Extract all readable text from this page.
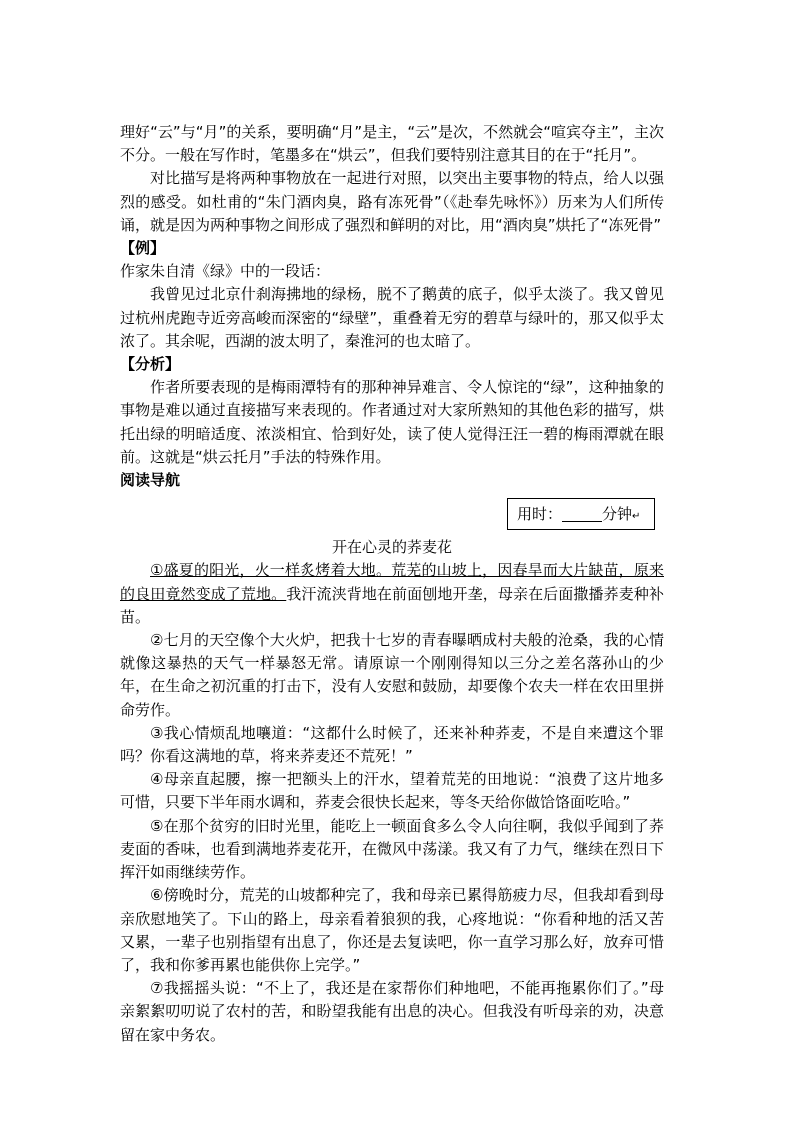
理好“云”与“月”的关系，要明确“月”是主，“云”是次，不然就会“喧宾夺主”，主次不分。一般在写作时，笔墨多在“烘云”，但我们要特别注意其目的在于“托月”。

对比描写是将两种事物放在一起进行对照，以突出主要事物的特点，给人以强烈的感受。如杜甫的“朱门酒肉臭，路有冻死骨”（《赴奉先咏怀》）历来为人们所传诵，就是因为两种事物之间形成了强烈和鲜明的对比，用“酒肉臭”烘托了“冻死骨”

【例】

作家朱自清《绿》中的一段话：

我曾见过北京什刹海拂地的绿杨，脱不了鹅黄的底子，似乎太淡了。我又曾见过杭州虎跑寺近旁高峻而深密的“绿壁”，重叠着无穷的碧草与绿叶的，那又似乎太浓了。其余呢，西湖的波太明了，秦淮河的也太暗了。

【分析】

作者所要表现的是梅雨潭特有的那种神异难言、令人惊诧的“绿”，这种抽象的事物是难以通过直接描写来表现的。作者通过对大家所熟知的其他色彩的描写，烘托出绿的明暗适度、浓淡相宜、恰到好处，读了使人觉得汪汪一碧的梅雨潭就在眼前。这就是“烘云托月”手法的特殊作用。

阅读导航

用时：	分钟↵

开在心灵的荞麦花

①盛夏的阳光，火一样炙烤着大地。荒芜的山坡上，因春旱而大片缺苗，原来的良田竟然变成了荒地。我汗流浃背地在前面刨地开垄，母亲在后面撒播荞麦种补苗。

②七月的天空像个大火炉，把我十七岁的青春曝晒成村夫般的沧桑，我的心情就像这暴热的天气一样暴怒无常。请原谅一个刚刚得知以三分之差名落孙山的少年，在生命之初沉重的打击下，没有人安慰和鼓励，却要像个农夫一样在农田里拼命劳作。

③我心情烦乱地嚷道：“这都什么时候了，还来补种荞麦，不是自来遭这个罪吗？你看这满地的草，将来荞麦还不荒死！”

④母亲直起腰，擦一把额头上的汗水，望着荒芜的田地说：“浪费了这片地多可惜，只要下半年雨水调和，荞麦会很快长起来，等冬天给你做饸饹面吃哈。”

⑤在那个贫穷的旧时光里，能吃上一顿面食多么令人向往啊，我似乎闻到了荞麦面的香味，也看到满地荞麦花开，在微风中荡漾。我又有了力气，继续在烈日下挥汗如雨继续劳作。

⑥傍晚时分，荒芜的山坡都种完了，我和母亲已累得筋疲力尽，但我却看到母亲欣慰地笑了。下山的路上，母亲看着狼狈的我，心疼地说：“你看种地的活又苦又累，一辈子也别指望有出息了，你还是去复读吧，你一直学习那么好，放弃可惜了，我和你爹再累也能供你上完学。”

⑦我摇摇头说：“不上了，我还是在家帮你们种地吧，不能再拖累你们了。”母亲絮絮叨叨说了农村的苦，和盼望我能有出息的决心。但我没有听母亲的劝，决意留在家中务农。
